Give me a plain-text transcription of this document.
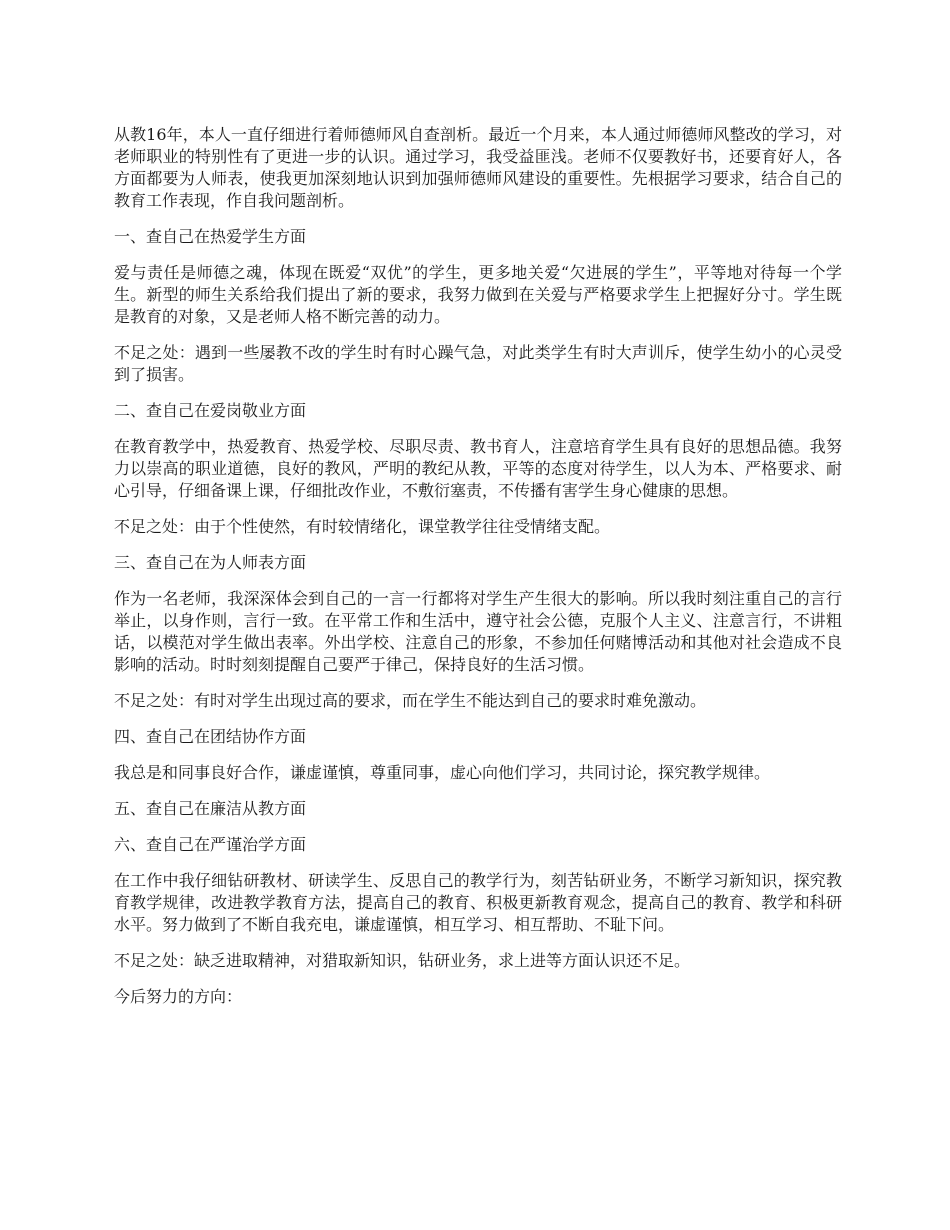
从教16年，本人一直仔细进行着师德师风自查剖析。最近一个月来，本人通过师德师风整改的学习，对老师职业的特别性有了更进一步的认识。通过学习，我受益匪浅。老师不仅要教好书，还要育好人，各方面都要为人师表，使我更加深刻地认识到加强师德师风建设的重要性。先根据学习要求，结合自己的教育工作表现，作自我问题剖析。

一、查自己在热爱学生方面

爱与责任是师德之魂，体现在既爱“双优”的学生，更多地关爱“欠进展的学生”，平等地对待每一个学生。新型的师生关系给我们提出了新的要求，我努力做到在关爱与严格要求学生上把握好分寸。学生既是教育的对象，又是老师人格不断完善的动力。

不足之处：遇到一些屡教不改的学生时有时心躁气急，对此类学生有时大声训斥，使学生幼小的心灵受到了损害。

二、查自己在爱岗敬业方面

在教育教学中，热爱教育、热爱学校、尽职尽责、教书育人，注意培育学生具有良好的思想品德。我努力以崇高的职业道德，良好的教风，严明的教纪从教，平等的态度对待学生，以人为本、严格要求、耐心引导，仔细备课上课，仔细批改作业，不敷衍塞责，不传播有害学生身心健康的思想。

不足之处：由于个性使然，有时较情绪化，课堂教学往往受情绪支配。

三、查自己在为人师表方面

作为一名老师，我深深体会到自己的一言一行都将对学生产生很大的影响。所以我时刻注重自己的言行举止，以身作则，言行一致。在平常工作和生活中，遵守社会公德，克服个人主义、注意言行，不讲粗话，以模范对学生做出表率。外出学校、注意自己的形象，不参加任何赌博活动和其他对社会造成不良影响的活动。时时刻刻提醒自己要严于律己，保持良好的生活习惯。

不足之处：有时对学生出现过高的要求，而在学生不能达到自己的要求时难免激动。

四、查自己在团结协作方面

我总是和同事良好合作，谦虚谨慎，尊重同事，虚心向他们学习，共同讨论，探究教学规律。

五、查自己在廉洁从教方面

六、查自己在严谨治学方面

在工作中我仔细钻研教材、研读学生、反思自己的教学行为，刻苦钻研业务，不断学习新知识，探究教育教学规律，改进教学教育方法，提高自己的教育、积极更新教育观念，提高自己的教育、教学和科研水平。努力做到了不断自我充电，谦虚谨慎，相互学习、相互帮助、不耻下问。

不足之处：缺乏进取精神，对猎取新知识，钻研业务，求上进等方面认识还不足。

今后努力的方向：
